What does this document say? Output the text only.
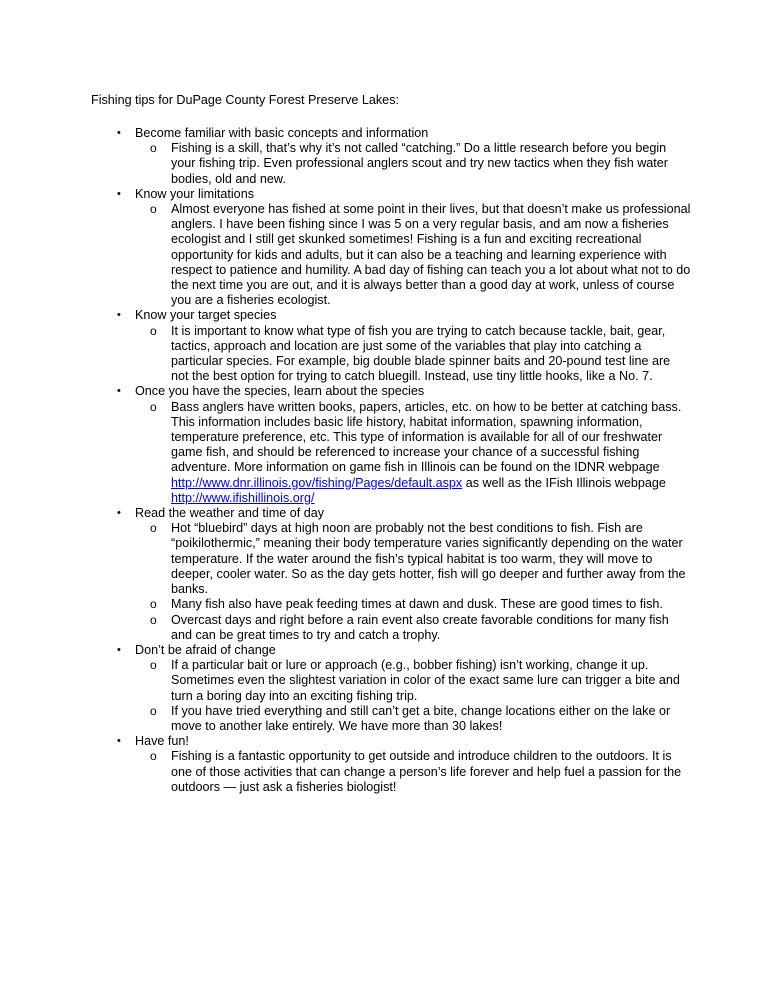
Fishing tips for DuPage County Forest Preserve Lakes:

• Become familiar with basic concepts and information
o Fishing is a skill, that’s why it’s not called “catching.” Do a little research before you begin your fishing trip. Even professional anglers scout and try new tactics when they fish water bodies, old and new.
• Know your limitations
o Almost everyone has fished at some point in their lives, but that doesn’t make us professional anglers. I have been fishing since I was 5 on a very regular basis, and am now a fisheries ecologist and I still get skunked sometimes! Fishing is a fun and exciting recreational opportunity for kids and adults, but it can also be a teaching and learning experience with respect to patience and humility. A bad day of fishing can teach you a lot about what not to do the next time you are out, and it is always better than a good day at work, unless of course you are a fisheries ecologist.
• Know your target species
o It is important to know what type of fish you are trying to catch because tackle, bait, gear, tactics, approach and location are just some of the variables that play into catching a particular species. For example, big double blade spinner baits and 20-pound test line are not the best option for trying to catch bluegill. Instead, use tiny little hooks, like a No. 7.
• Once you have the species, learn about the species
o Bass anglers have written books, papers, articles, etc. on how to be better at catching bass. This information includes basic life history, habitat information, spawning information, temperature preference, etc. This type of information is available for all of our freshwater game fish, and should be referenced to increase your chance of a successful fishing adventure. More information on game fish in Illinois can be found on the IDNR webpage http://www.dnr.illinois.gov/fishing/Pages/default.aspx as well as the IFish Illinois webpage http://www.ifishillinois.org/
• Read the weather and time of day
o Hot “bluebird” days at high noon are probably not the best conditions to fish. Fish are “poikilothermic,” meaning their body temperature varies significantly depending on the water temperature. If the water around the fish’s typical habitat is too warm, they will move to deeper, cooler water. So as the day gets hotter, fish will go deeper and further away from the banks.
o Many fish also have peak feeding times at dawn and dusk. These are good times to fish.
o Overcast days and right before a rain event also create favorable conditions for many fish and can be great times to try and catch a trophy.
• Don’t be afraid of change
o If a particular bait or lure or approach (e.g., bobber fishing) isn’t working, change it up. Sometimes even the slightest variation in color of the exact same lure can trigger a bite and turn a boring day into an exciting fishing trip.
o If you have tried everything and still can’t get a bite, change locations either on the lake or move to another lake entirely. We have more than 30 lakes!
• Have fun!
o Fishing is a fantastic opportunity to get outside and introduce children to the outdoors. It is one of those activities that can change a person’s life forever and help fuel a passion for the outdoors — just ask a fisheries biologist!
